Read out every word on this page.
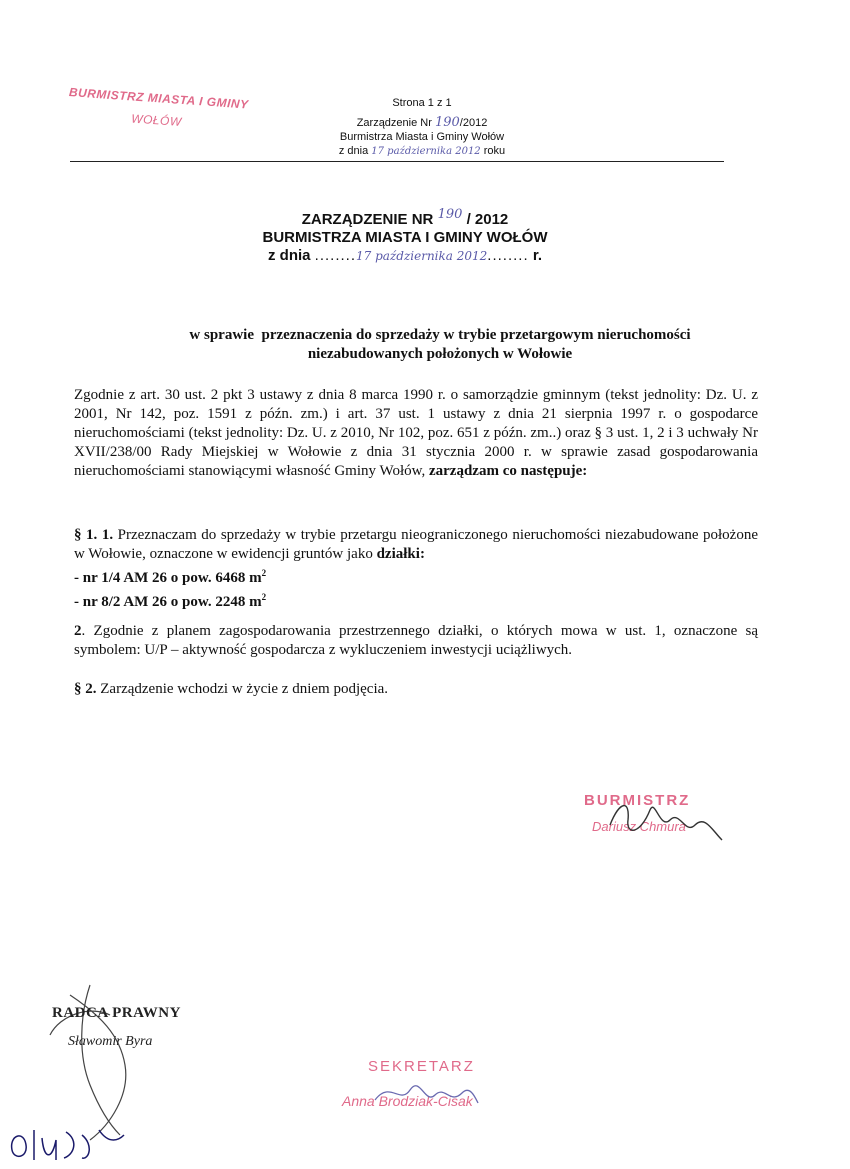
BURMISTRZ MIASTA I GMINY
WOŁÓW
Strona 1 z 1
Zarządzenie Nr 190/2012
Burmistrza Miasta i Gminy Wołów
z dnia 17 października 2012 roku
ZARZĄDZENIE NR $^{190}$ / 2012
BURMISTRZA MIASTA I GMINY WOŁÓW
z dnia ........17 października 2012........ r.
w sprawie  przeznaczenia do sprzedaży w trybie przetargowym nieruchomości
niezabudowanych położonych w Wołowie
Zgodnie z art. 30 ust. 2 pkt 3 ustawy z dnia 8 marca 1990 r. o samorządzie gminnym (tekst jednolity: Dz. U. z 2001, Nr 142, poz. 1591 z późn. zm.) i art. 37 ust. 1 ustawy z dnia 21 sierpnia 1997 r. o gospodarce nieruchomościami (tekst jednolity: Dz. U. z 2010, Nr 102, poz. 651 z późn. zm..) oraz § 3 ust. 1, 2 i 3 uchwały Nr XVII/238/00 Rady Miejskiej w Wołowie z dnia 31 stycznia 2000 r. w sprawie zasad gospodarowania nieruchomościami stanowiącymi własność Gminy Wołów, zarządzam co następuje:
§ 1. 1. Przeznaczam do sprzedaży w trybie przetargu nieograniczonego nieruchomości niezabudowane położone w Wołowie, oznaczone w ewidencji gruntów jako działki:
- nr 1/4 AM 26 o pow. 6468 $m^2$
- nr 8/2 AM 26 o pow. 2248 $m^2$
2. Zgodnie z planem zagospodarowania przestrzennego działki, o których mowa w ust. 1, oznaczone są symbolem: U/P – aktywność gospodarcza z wykluczeniem inwestycji uciążliwych.
§ 2. Zarządzenie wchodzi w życie z dniem podjęcia.
BURMISTRZ
Dariusz Chmura
RADCA PRAWNY
Sławomir Byra
SEKRETARZ
Anna Brodziak-Cisak
